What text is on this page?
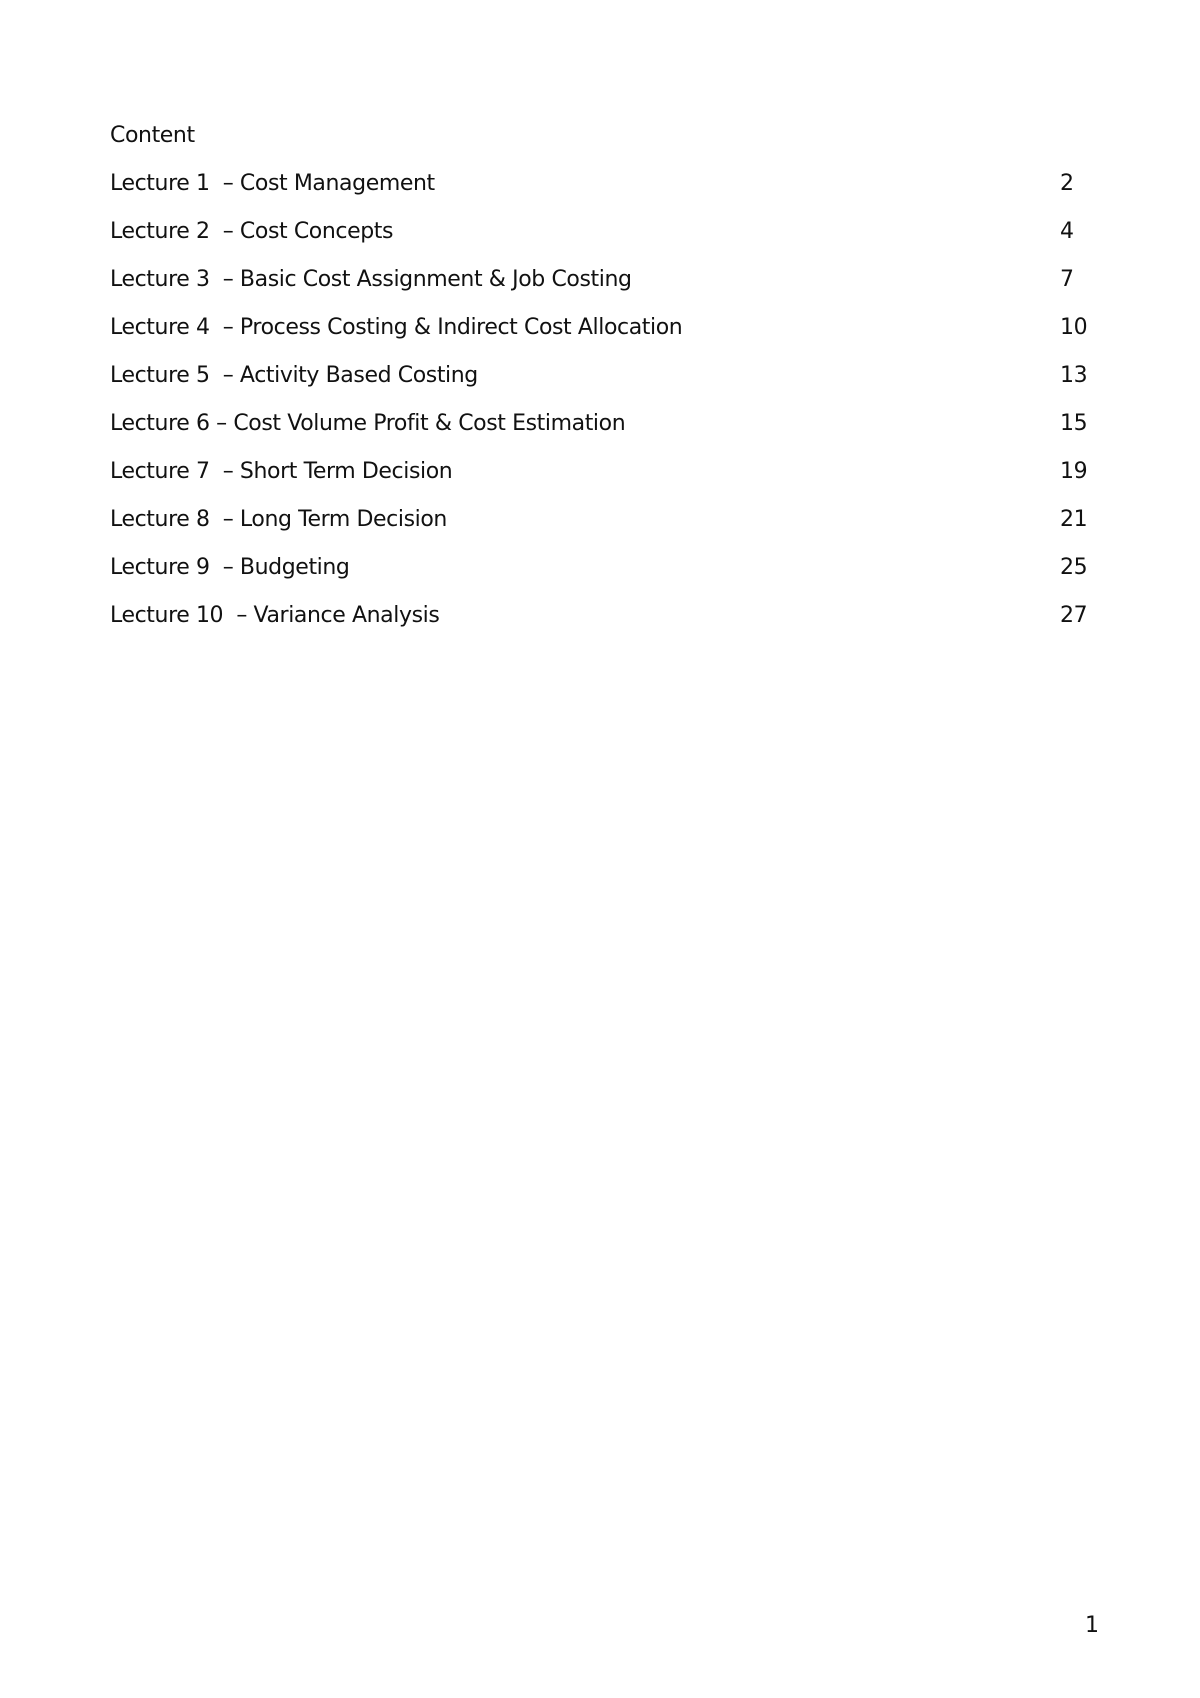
Content
Lecture 1  – Cost Management	2
Lecture 2  – Cost Concepts	4
Lecture 3  – Basic Cost Assignment & Job Costing	7
Lecture 4  – Process Costing & Indirect Cost Allocation	10
Lecture 5  – Activity Based Costing	13
Lecture 6 – Cost Volume Profit & Cost Estimation	15
Lecture 7  – Short Term Decision	19
Lecture 8  – Long Term Decision	21
Lecture 9  – Budgeting	25
Lecture 10  – Variance Analysis	27
1
